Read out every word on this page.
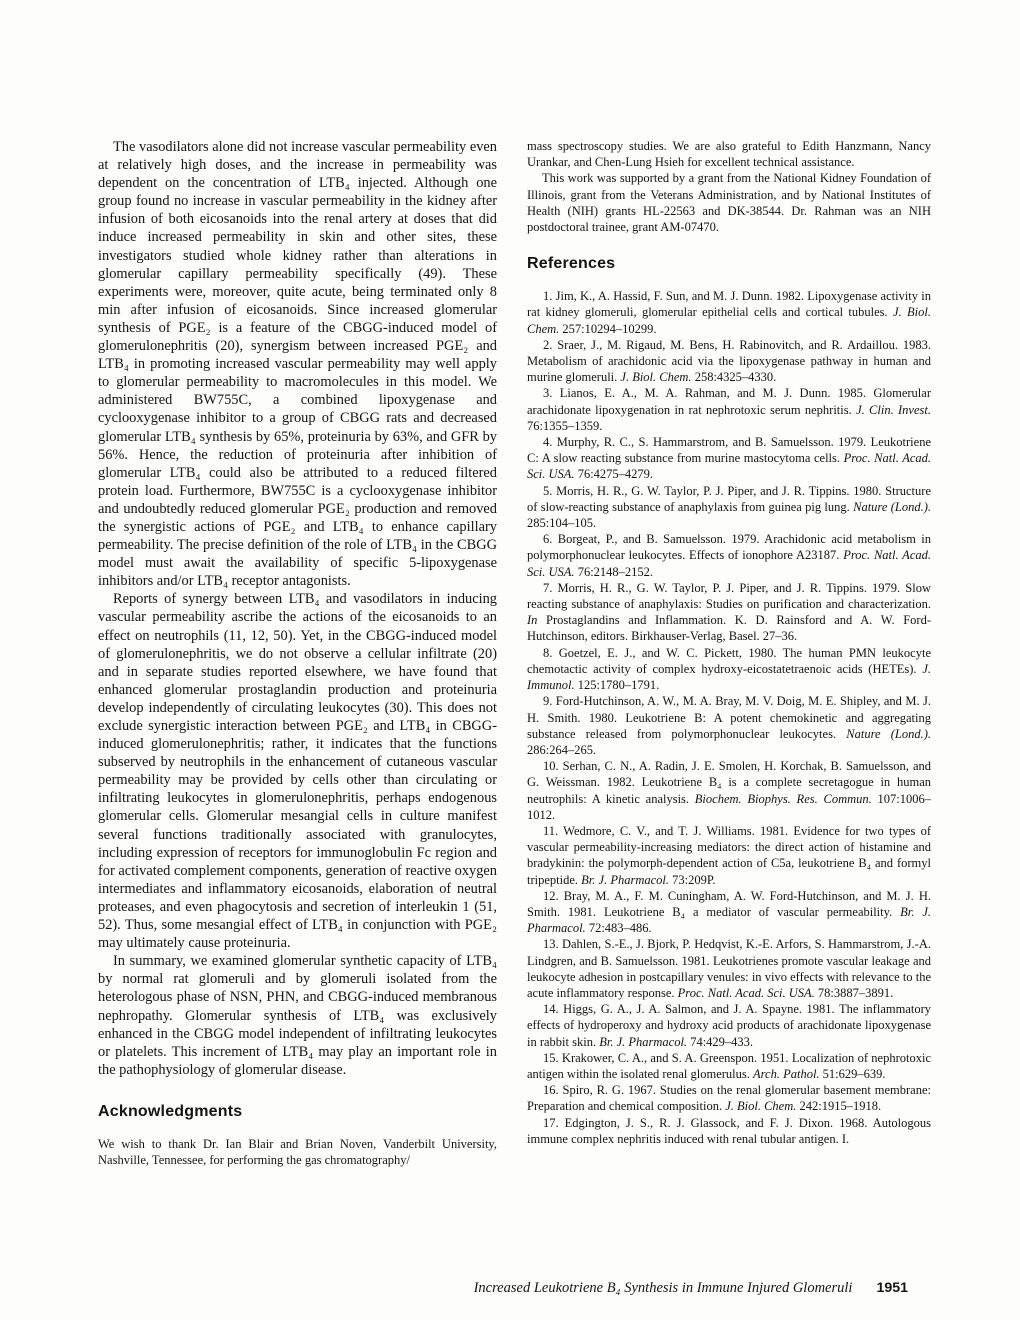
The vasodilators alone did not increase vascular permeability even at relatively high doses, and the increase in permeability was dependent on the concentration of LTB₄ injected. Although one group found no increase in vascular permeability in the kidney after infusion of both eicosanoids into the renal artery at doses that did induce increased permeability in skin and other sites, these investigators studied whole kidney rather than alterations in glomerular capillary permeability specifically (49). These experiments were, moreover, quite acute, being terminated only 8 min after infusion of eicosanoids. Since increased glomerular synthesis of PGE₂ is a feature of the CBGG-induced model of glomerulonephritis (20), synergism between increased PGE₂ and LTB₄ in promoting increased vascular permeability may well apply to glomerular permeability to macromolecules in this model. We administered BW755C, a combined lipoxygenase and cyclooxygenase inhibitor to a group of CBGG rats and decreased glomerular LTB₄ synthesis by 65%, proteinuria by 63%, and GFR by 56%. Hence, the reduction of proteinuria after inhibition of glomerular LTB₄ could also be attributed to a reduced filtered protein load. Furthermore, BW755C is a cyclooxygenase inhibitor and undoubtedly reduced glomerular PGE₂ production and removed the synergistic actions of PGE₂ and LTB₄ to enhance capillary permeability. The precise definition of the role of LTB₄ in the CBGG model must await the availability of specific 5-lipoxygenase inhibitors and/or LTB₄ receptor antagonists.

Reports of synergy between LTB₄ and vasodilators in inducing vascular permeability ascribe the actions of the eicosanoids to an effect on neutrophils (11, 12, 50). Yet, in the CBGG-induced model of glomerulonephritis, we do not observe a cellular infiltrate (20) and in separate studies reported elsewhere, we have found that enhanced glomerular prostaglandin production and proteinuria develop independently of circulating leukocytes (30). This does not exclude synergistic interaction between PGE₂ and LTB₄ in CBGG-induced glomerulonephritis; rather, it indicates that the functions subserved by neutrophils in the enhancement of cutaneous vascular permeability may be provided by cells other than circulating or infiltrating leukocytes in glomerulonephritis, perhaps endogenous glomerular cells. Glomerular mesangial cells in culture manifest several functions traditionally associated with granulocytes, including expression of receptors for immunoglobulin Fc region and for activated complement components, generation of reactive oxygen intermediates and inflammatory eicosanoids, elaboration of neutral proteases, and even phagocytosis and secretion of interleukin 1 (51, 52). Thus, some mesangial effect of LTB₄ in conjunction with PGE₂ may ultimately cause proteinuria.

In summary, we examined glomerular synthetic capacity of LTB₄ by normal rat glomeruli and by glomeruli isolated from the heterologous phase of NSN, PHN, and CBGG-induced membranous nephropathy. Glomerular synthesis of LTB₄ was exclusively enhanced in the CBGG model independent of infiltrating leukocytes or platelets. This increment of LTB₄ may play an important role in the pathophysiology of glomerular disease.

Acknowledgments

We wish to thank Dr. Ian Blair and Brian Noven, Vanderbilt University, Nashville, Tennessee, for performing the gas chromatography/

mass spectroscopy studies. We are also grateful to Edith Hanzmann, Nancy Urankar, and Chen-Lung Hsieh for excellent technical assistance.

This work was supported by a grant from the National Kidney Foundation of Illinois, grant from the Veterans Administration, and by National Institutes of Health (NIH) grants HL-22563 and DK-38544. Dr. Rahman was an NIH postdoctoral trainee, grant AM-07470.

References

1. Jim, K., A. Hassid, F. Sun, and M. J. Dunn. 1982. Lipoxygenase activity in rat kidney glomeruli, glomerular epithelial cells and cortical tubules. J. Biol. Chem. 257:10294–10299.

2. Sraer, J., M. Rigaud, M. Bens, H. Rabinovitch, and R. Ardaillou. 1983. Metabolism of arachidonic acid via the lipoxygenase pathway in human and murine glomeruli. J. Biol. Chem. 258:4325–4330.

3. Lianos, E. A., M. A. Rahman, and M. J. Dunn. 1985. Glomerular arachidonate lipoxygenation in rat nephrotoxic serum nephritis. J. Clin. Invest. 76:1355–1359.

4. Murphy, R. C., S. Hammarstrom, and B. Samuelsson. 1979. Leukotriene C: A slow reacting substance from murine mastocytoma cells. Proc. Natl. Acad. Sci. USA. 76:4275–4279.

5. Morris, H. R., G. W. Taylor, P. J. Piper, and J. R. Tippins. 1980. Structure of slow-reacting substance of anaphylaxis from guinea pig lung. Nature (Lond.). 285:104–105.

6. Borgeat, P., and B. Samuelsson. 1979. Arachidonic acid metabolism in polymorphonuclear leukocytes. Effects of ionophore A23187. Proc. Natl. Acad. Sci. USA. 76:2148–2152.

7. Morris, H. R., G. W. Taylor, P. J. Piper, and J. R. Tippins. 1979. Slow reacting substance of anaphylaxis: Studies on purification and characterization. In Prostaglandins and Inflammation. K. D. Rainsford and A. W. Ford-Hutchinson, editors. Birkhauser-Verlag, Basel. 27–36.

8. Goetzel, E. J., and W. C. Pickett, 1980. The human PMN leukocyte chemotactic activity of complex hydroxy-eicostatetraenoic acids (HETEs). J. Immunol. 125:1780–1791.

9. Ford-Hutchinson, A. W., M. A. Bray, M. V. Doig, M. E. Shipley, and M. J. H. Smith. 1980. Leukotriene B: A potent chemokinetic and aggregating substance released from polymorphonuclear leukocytes. Nature (Lond.). 286:264–265.

10. Serhan, C. N., A. Radin, J. E. Smolen, H. Korchak, B. Samuelsson, and G. Weissman. 1982. Leukotriene B₄ is a complete secretagogue in human neutrophils: A kinetic analysis. Biochem. Biophys. Res. Commun. 107:1006–1012.

11. Wedmore, C. V., and T. J. Williams. 1981. Evidence for two types of vascular permeability-increasing mediators: the direct action of histamine and bradykinin: the polymorph-dependent action of C5a, leukotriene B₄ and formyl tripeptide. Br. J. Pharmacol. 73:209P.

12. Bray, M. A., F. M. Cuningham, A. W. Ford-Hutchinson, and M. J. H. Smith. 1981. Leukotriene B₄ a mediator of vascular permeability. Br. J. Pharmacol. 72:483–486.

13. Dahlen, S.-E., J. Bjork, P. Hedqvist, K.-E. Arfors, S. Hammarstrom, J.-A. Lindgren, and B. Samuelsson. 1981. Leukotrienes promote vascular leakage and leukocyte adhesion in postcapillary venules: in vivo effects with relevance to the acute inflammatory response. Proc. Natl. Acad. Sci. USA. 78:3887–3891.

14. Higgs, G. A., J. A. Salmon, and J. A. Spayne. 1981. The inflammatory effects of hydroperoxy and hydroxy acid products of arachidonate lipoxygenase in rabbit skin. Br. J. Pharmacol. 74:429–433.

15. Krakower, C. A., and S. A. Greenspon. 1951. Localization of nephrotoxic antigen within the isolated renal glomerulus. Arch. Pathol. 51:629–639.

16. Spiro, R. G. 1967. Studies on the renal glomerular basement membrane: Preparation and chemical composition. J. Biol. Chem. 242:1915–1918.

17. Edgington, J. S., R. J. Glassock, and F. J. Dixon. 1968. Autologous immune complex nephritis induced with renal tubular antigen. I.

Increased Leukotriene B₄ Synthesis in Immune Injured Glomeruli 1951
